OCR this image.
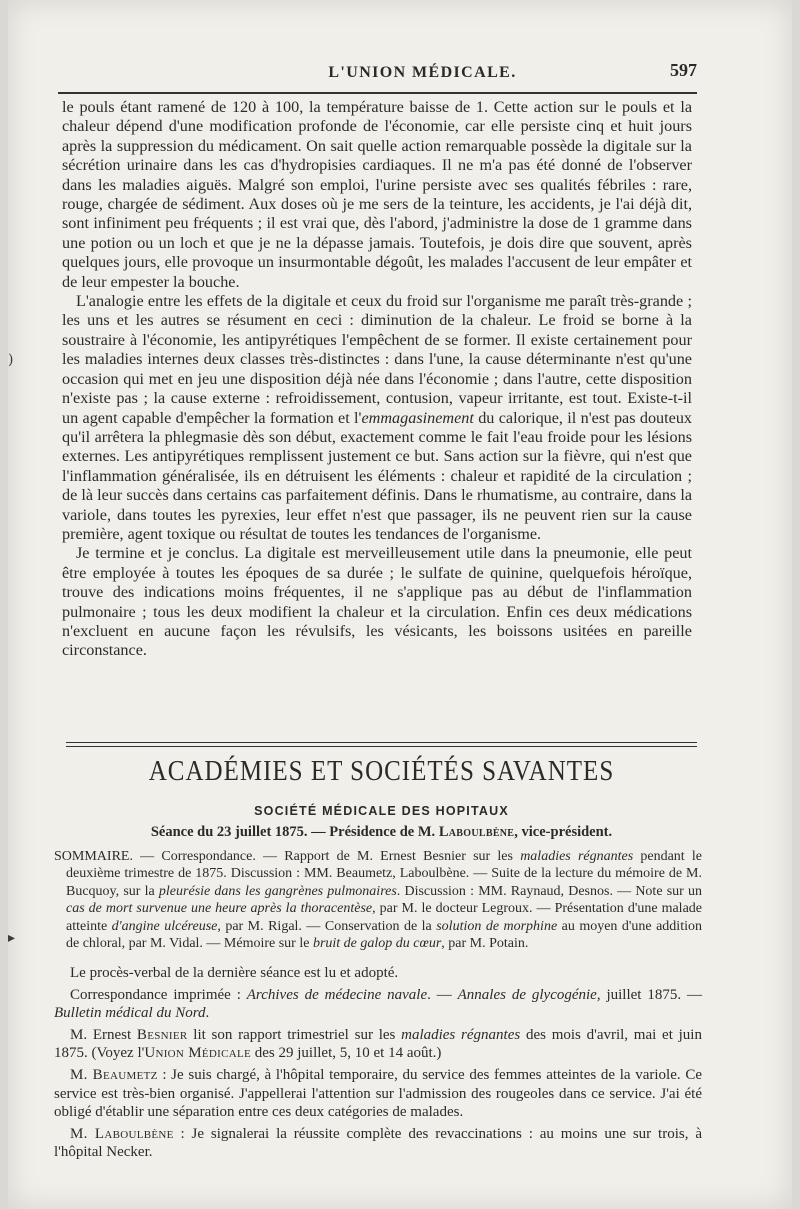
L'UNION MÉDICALE.	597

le pouls étant ramené de 120 à 100, la température baisse de 1. Cette action sur le pouls et la chaleur dépend d'une modification profonde de l'économie, car elle persiste cinq et huit jours après la suppression du médicament. On sait quelle action remarquable possède la digitale sur la sécrétion urinaire dans les cas d'hydropisies cardiaques. Il ne m'a pas été donné de l'observer dans les maladies aiguës. Malgré son emploi, l'urine persiste avec ses qualités fébriles : rare, rouge, chargée de sédiment. Aux doses où je me sers de la teinture, les accidents, je l'ai déjà dit, sont infiniment peu fréquents ; il est vrai que, dès l'abord, j'administre la dose de 1 gramme dans une potion ou un loch et que je ne la dépasse jamais. Toutefois, je dois dire que souvent, après quelques jours, elle provoque un insurmontable dégoût, les malades l'accusent de leur empâter et de leur empester la bouche.

L'analogie entre les effets de la digitale et ceux du froid sur l'organisme me paraît très-grande ; les uns et les autres se résument en ceci : diminution de la chaleur. Le froid se borne à la soustraire à l'économie, les antipyrétiques l'empêchent de se former. Il existe certainement pour les maladies internes deux classes très-distinctes : dans l'une, la cause déterminante n'est qu'une occasion qui met en jeu une disposition déjà née dans l'économie ; dans l'autre, cette disposition n'existe pas ; la cause externe : refroidissement, contusion, vapeur irritante, est tout. Existe-t-il un agent capable d'empêcher la formation et l'emmagasinement du calorique, il n'est pas douteux qu'il arrêtera la phlegmasie dès son début, exactement comme le fait l'eau froide pour les lésions externes. Les antipyrétiques remplissent justement ce but. Sans action sur la fièvre, qui n'est que l'inflammation généralisée, ils en détruisent les éléments : chaleur et rapidité de la circulation ; de là leur succès dans certains cas parfaitement définis. Dans le rhumatisme, au contraire, dans la variole, dans toutes les pyrexies, leur effet n'est que passager, ils ne peuvent rien sur la cause première, agent toxique ou résultat de toutes les tendances de l'organisme.

Je termine et je conclus. La digitale est merveilleusement utile dans la pneumonie, elle peut être employée à toutes les époques de sa durée ; le sulfate de quinine, quelquefois héroïque, trouve des indications moins fréquentes, il ne s'applique pas au début de l'inflammation pulmonaire ; tous les deux modifient la chaleur et la circulation. Enfin ces deux médications n'excluent en aucune façon les révulsifs, les vésicants, les boissons usitées en pareille circonstance.

ACADÉMIES ET SOCIÉTÉS SAVANTES
SOCIÉTÉ MÉDICALE DES HOPITAUX
Séance du 23 juillet 1875. — Présidence de M. Laboulbène, vice-président.
SOMMAIRE. — Correspondance. — Rapport de M. Ernest Besnier sur les maladies régnantes pendant le deuxième trimestre de 1875. Discussion : MM. Beaumetz, Laboulbène. — Suite de la lecture du mémoire de M. Bucquoy, sur la pleurésie dans les gangrènes pulmonaires. Discussion : MM. Raynaud, Desnos. — Note sur un cas de mort survenue une heure après la thoracentèse, par M. le docteur Legroux. — Présentation d'une malade atteinte d'angine ulcéreuse, par M. Rigal. — Conservation de la solution de morphine au moyen d'une addition de chloral, par M. Vidal. — Mémoire sur le bruit de galop du cœur, par M. Potain.

Le procès-verbal de la dernière séance est lu et adopté.

Correspondance imprimée : Archives de médecine navale. — Annales de glycogénie, juillet 1875. — Bulletin médical du Nord.

M. Ernest Besnier lit son rapport trimestriel sur les maladies régnantes des mois d'avril, mai et juin 1875. (Voyez l'Union Médicale des 29 juillet, 5, 10 et 14 août.)

M. Beaumetz : Je suis chargé, à l'hôpital temporaire, du service des femmes atteintes de la variole. Ce service est très-bien organisé. J'appellerai l'attention sur l'admission des rougeoles dans ce service. J'ai été obligé d'établir une séparation entre ces deux catégories de malades.

M. Laboulbène : Je signalerai la réussite complète des revaccinations : au moins une sur trois, à l'hôpital Necker.

)
▸
